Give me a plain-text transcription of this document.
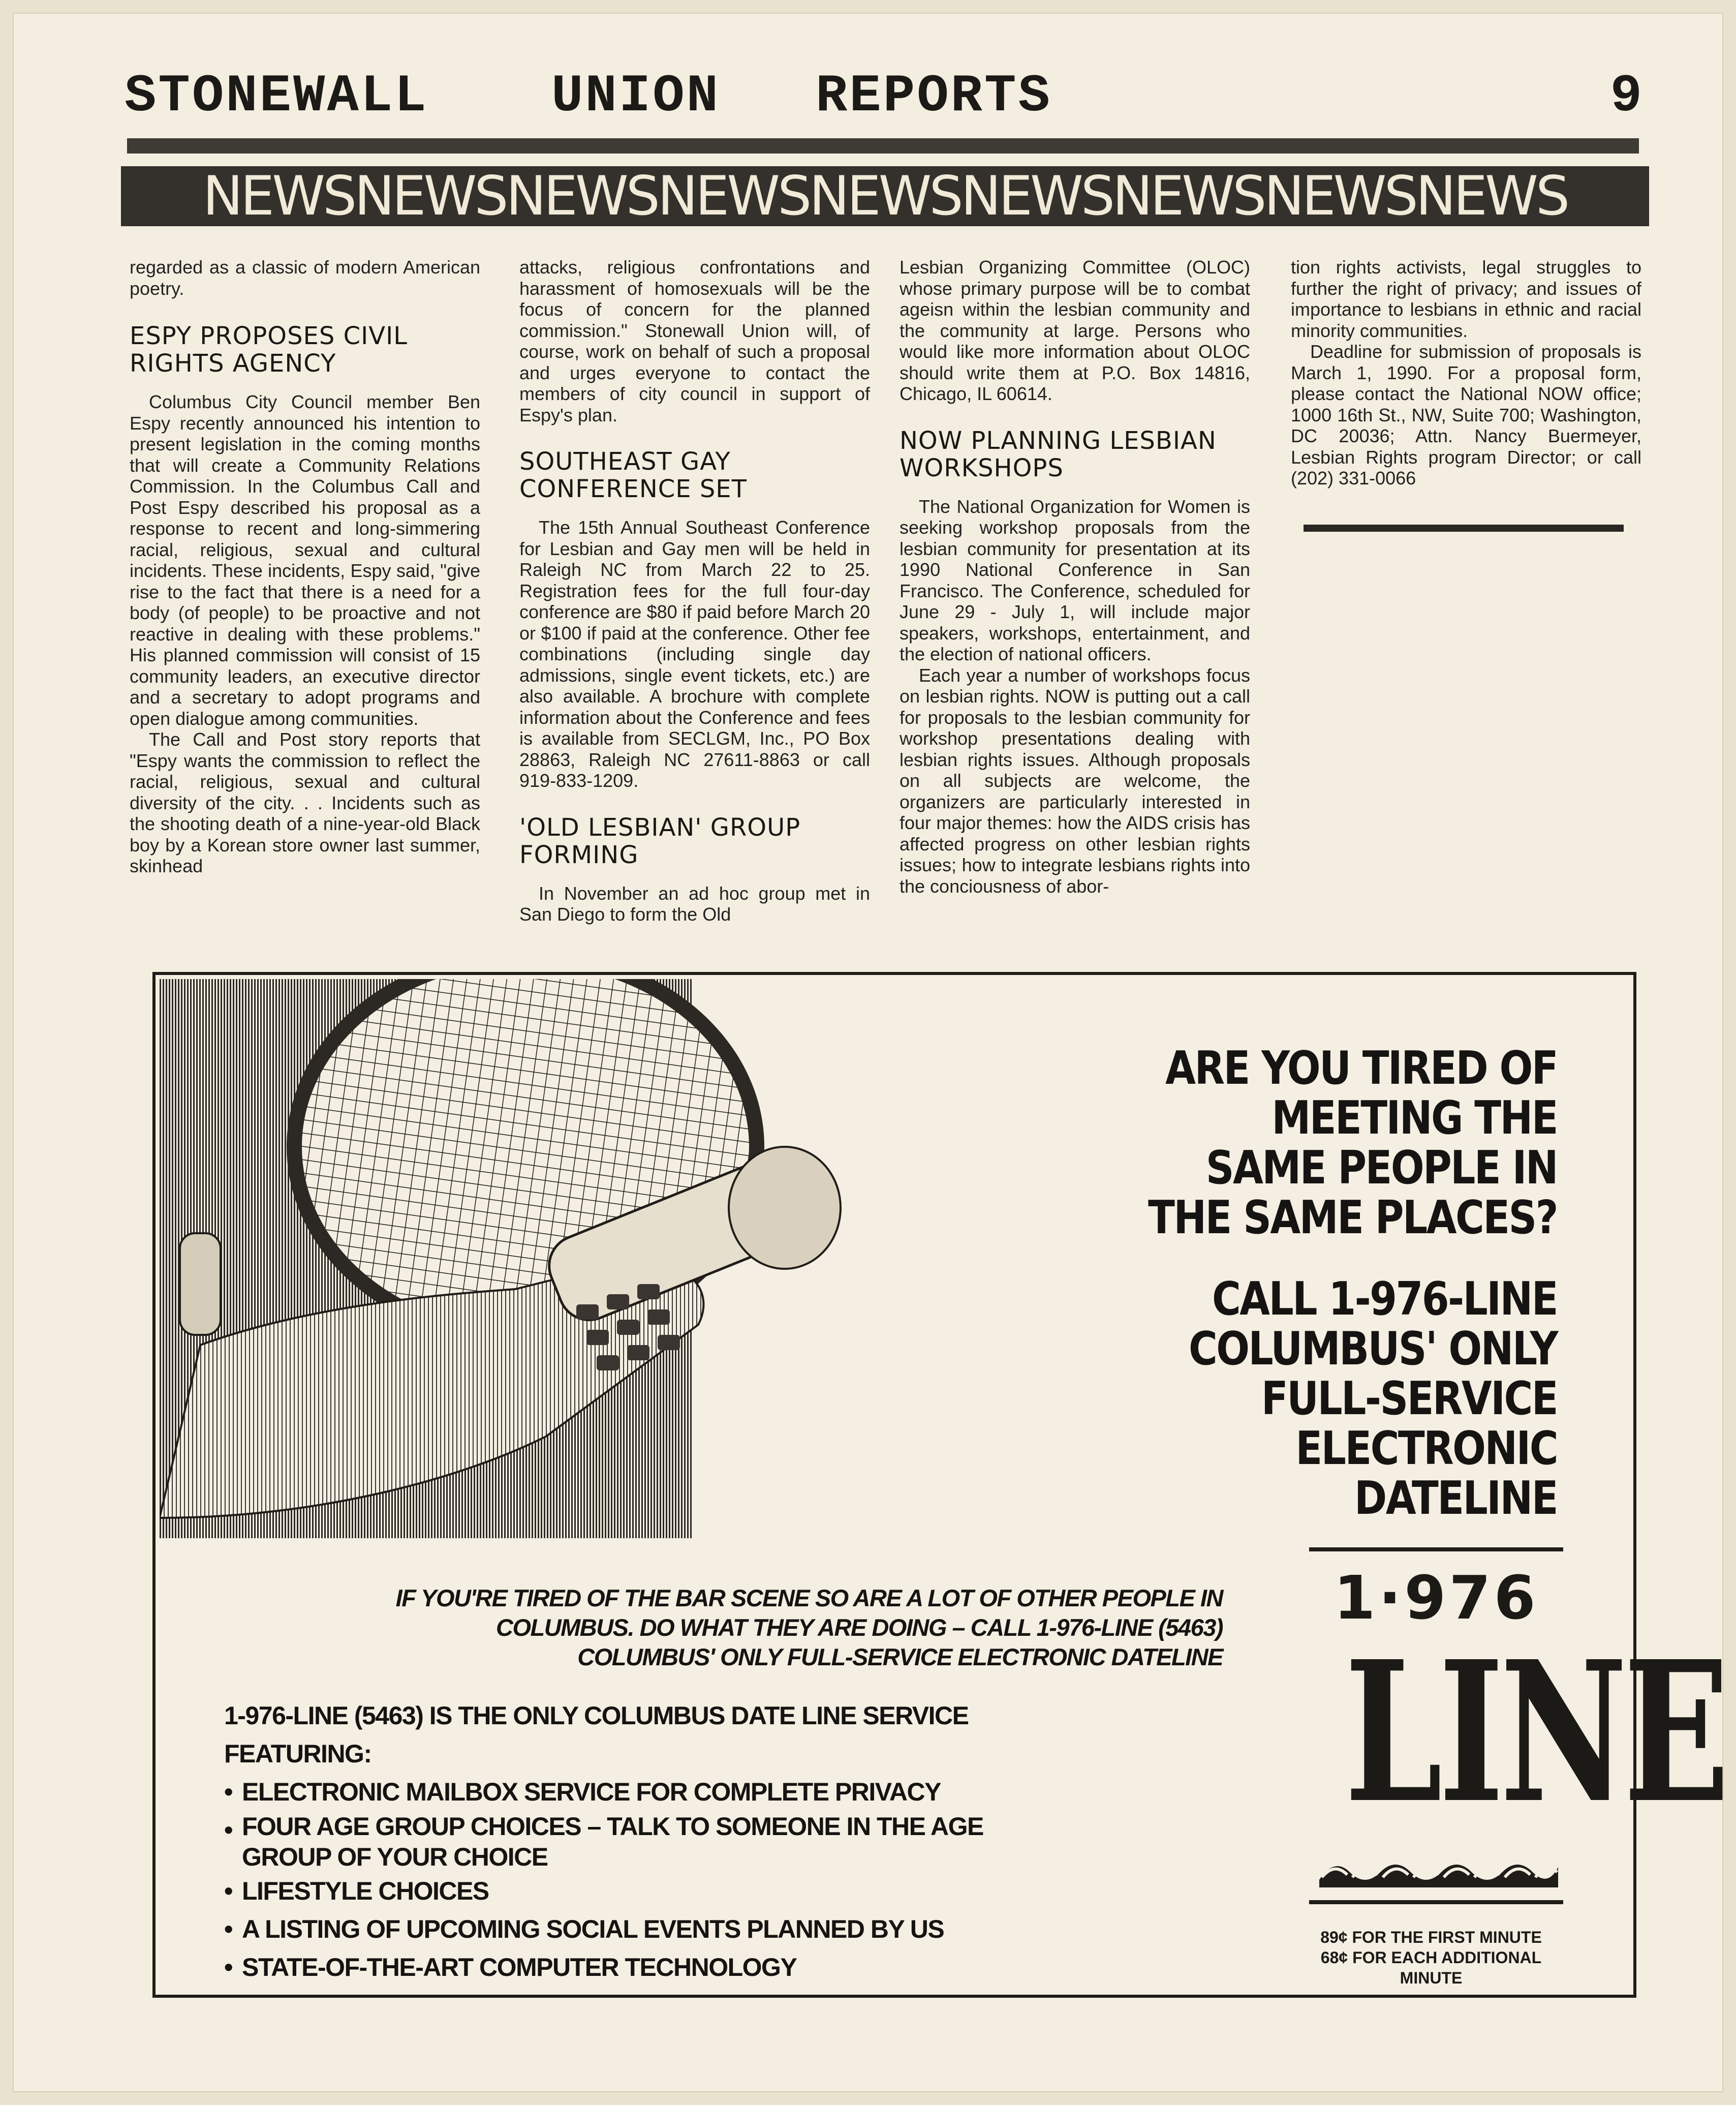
STONEWALL UNION REPORTS	9
NEWSNEWSNEWSNEWSNEWSNEWSNEWSNEWSNEWS

regarded as a classic of modern American poetry.

ESPY PROPOSES CIVIL RIGHTS AGENCY

Columbus City Council member Ben Espy recently announced his intention to present legislation in the coming months that will create a Community Relations Commission. In the Columbus Call and Post Espy described his proposal as a response to recent and long-simmering racial, religious, sexual and cultural incidents. These incidents, Espy said, "give rise to the fact that there is a need for a body (of people) to be proactive and not reactive in dealing with these problems." His planned commission will consist of 15 community leaders, an executive director and a secretary to adopt programs and open dialogue among communities.

The Call and Post story reports that "Espy wants the commission to reflect the racial, religious, sexual and cultural diversity of the city. . . Incidents such as the shooting death of a nine-year-old Black boy by a Korean store owner last summer, skinhead

attacks, religious confrontations and harassment of homosexuals will be the focus of concern for the planned commission." Stonewall Union will, of course, work on behalf of such a proposal and urges everyone to contact the members of city council in support of Espy's plan.

SOUTHEAST GAY CONFERENCE SET

The 15th Annual Southeast Conference for Lesbian and Gay men will be held in Raleigh NC from March 22 to 25. Registration fees for the full four-day conference are $80 if paid before March 20 or $100 if paid at the conference. Other fee combinations (including single day admissions, single event tickets, etc.) are also available. A brochure with complete information about the Conference and fees is available from SECLGM, Inc., PO Box 28863, Raleigh NC 27611-8863 or call 919-833-1209.

'OLD LESBIAN' GROUP FORMING

In November an ad hoc group met in San Diego to form the Old

Lesbian Organizing Committee (OLOC) whose primary purpose will be to combat ageisn within the lesbian community and the community at large. Persons who would like more information about OLOC should write them at P.O. Box 14816, Chicago, IL 60614.

NOW PLANNING LESBIAN WORKSHOPS

The National Organization for Women is seeking workshop proposals from the lesbian community for presentation at its 1990 National Conference in San Francisco. The Conference, scheduled for June 29 - July 1, will include major speakers, workshops, entertainment, and the election of national officers.

Each year a number of workshops focus on lesbian rights. NOW is putting out a call for proposals to the lesbian community for workshop presentations dealing with lesbian rights issues. Although proposals on all subjects are welcome, the organizers are particularly interested in four major themes: how the AIDS crisis has affected progress on other lesbian rights issues; how to integrate lesbians rights into the conciousness of abor-

tion rights activists, legal struggles to further the right of privacy; and issues of importance to lesbians in ethnic and racial minority communities.

Deadline for submission of proposals is March 1, 1990. For a proposal form, please contact the National NOW office; 1000 16th St., NW, Suite 700; Washington, DC 20036; Attn. Nancy Buermeyer, Lesbian Rights program Director; or call (202) 331-0066

ARE YOU TIRED OF
MEETING THE
SAME PEOPLE IN
THE SAME PLACES?
CALL 1-976-LINE
COLUMBUS' ONLY
FULL-SERVICE
ELECTRONIC DATELINE
IF YOU'RE TIRED OF THE BAR SCENE SO ARE A LOT OF OTHER PEOPLE IN
COLUMBUS. DO WHAT THEY ARE DOING – CALL 1-976-LINE (5463)
COLUMBUS' ONLY FULL-SERVICE ELECTRONIC DATELINE
1-976-LINE (5463) IS THE ONLY COLUMBUS DATE LINE SERVICE FEATURING:
• ELECTRONIC MAILBOX SERVICE FOR COMPLETE PRIVACY
• FOUR AGE GROUP CHOICES – TALK TO SOMEONE IN THE AGE
GROUP OF YOUR CHOICE
• LIFESTYLE CHOICES
• A LISTING OF UPCOMING SOCIAL EVENTS PLANNED BY US
• STATE-OF-THE-ART COMPUTER TECHNOLOGY
1·976
LINE
89¢ FOR THE FIRST MINUTE
68¢ FOR EACH ADDITIONAL MINUTE
